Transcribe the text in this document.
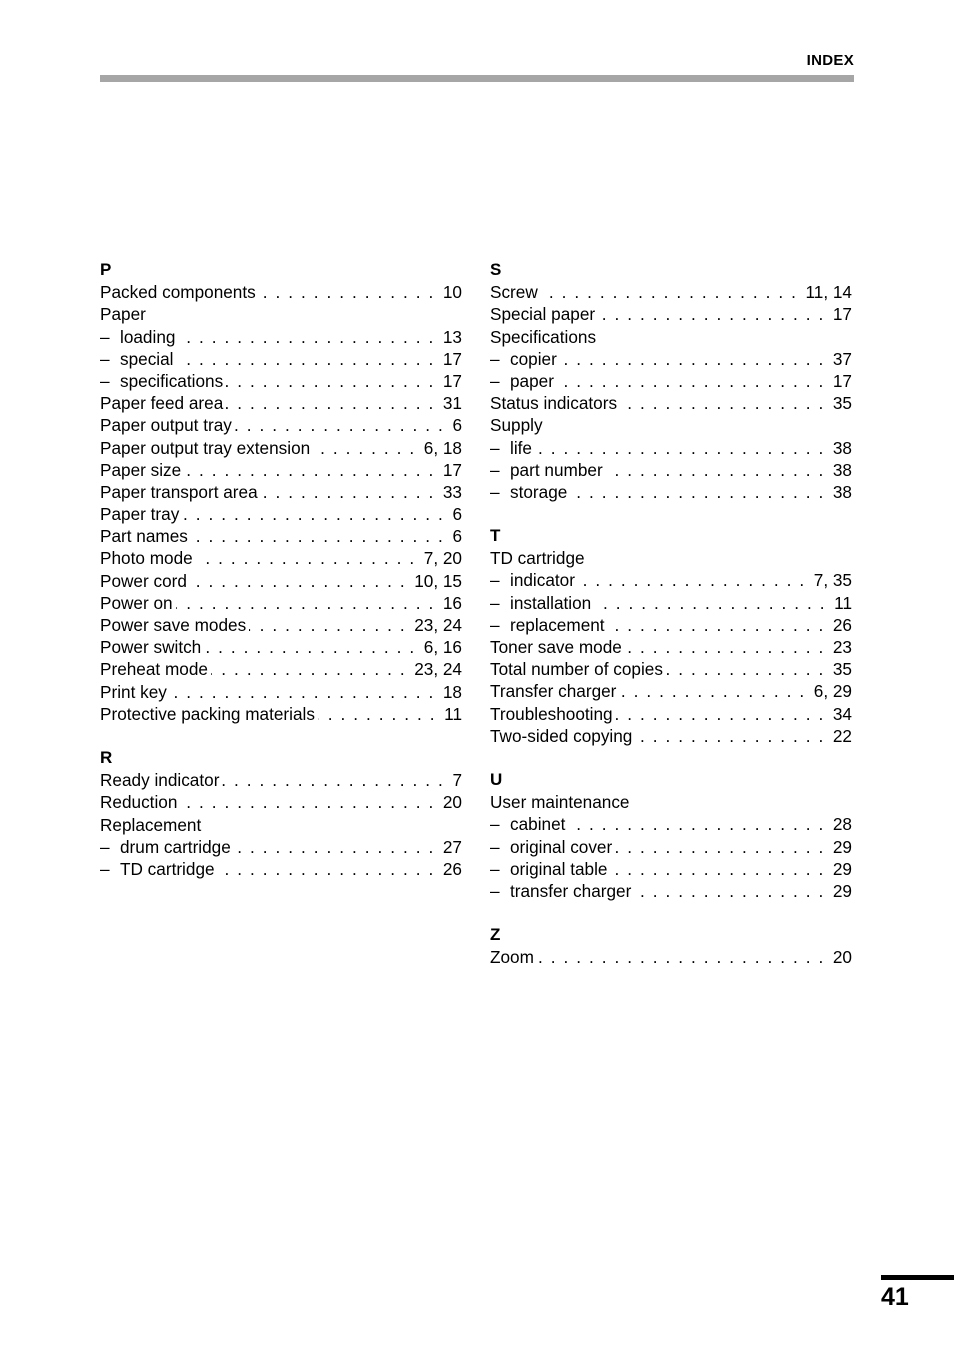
INDEX
P
Packed components . . .	10
Paper
– loading . . .	13
– special . . .	17
– specifications . . .	17
Paper feed area . . .	31
Paper output tray . . .	6
Paper output tray extension . . .	6, 18
Paper size . . .	17
Paper transport area . . .	33
Paper tray . . .	6
Part names . . .	6
Photo mode . . .	7, 20
Power cord . . .	10, 15
Power on . . .	16
Power save modes . . .	23, 24
Power switch . . .	6, 16
Preheat mode . . .	23, 24
Print key . . .	18
Protective packing materials . . .	11
R
Ready indicator . . .	7
Reduction . . .	20
Replacement
– drum cartridge . . .	27
– TD cartridge . . .	26
S
Screw . . .	11, 14
Special paper . . .	17
Specifications
– copier . . .	37
– paper . . .	17
Status indicators . . .	35
Supply
– life . . .	38
– part number . . .	38
– storage . . .	38
T
TD cartridge
– indicator . . .	7, 35
– installation . . .	11
– replacement . . .	26
Toner save mode . . .	23
Total number of copies . . .	35
Transfer charger . . .	6, 29
Troubleshooting . . .	34
Two-sided copying . . .	22
U
User maintenance
– cabinet . . .	28
– original cover . . .	29
– original table . . .	29
– transfer charger . . .	29
Z
Zoom . . .	20
41
